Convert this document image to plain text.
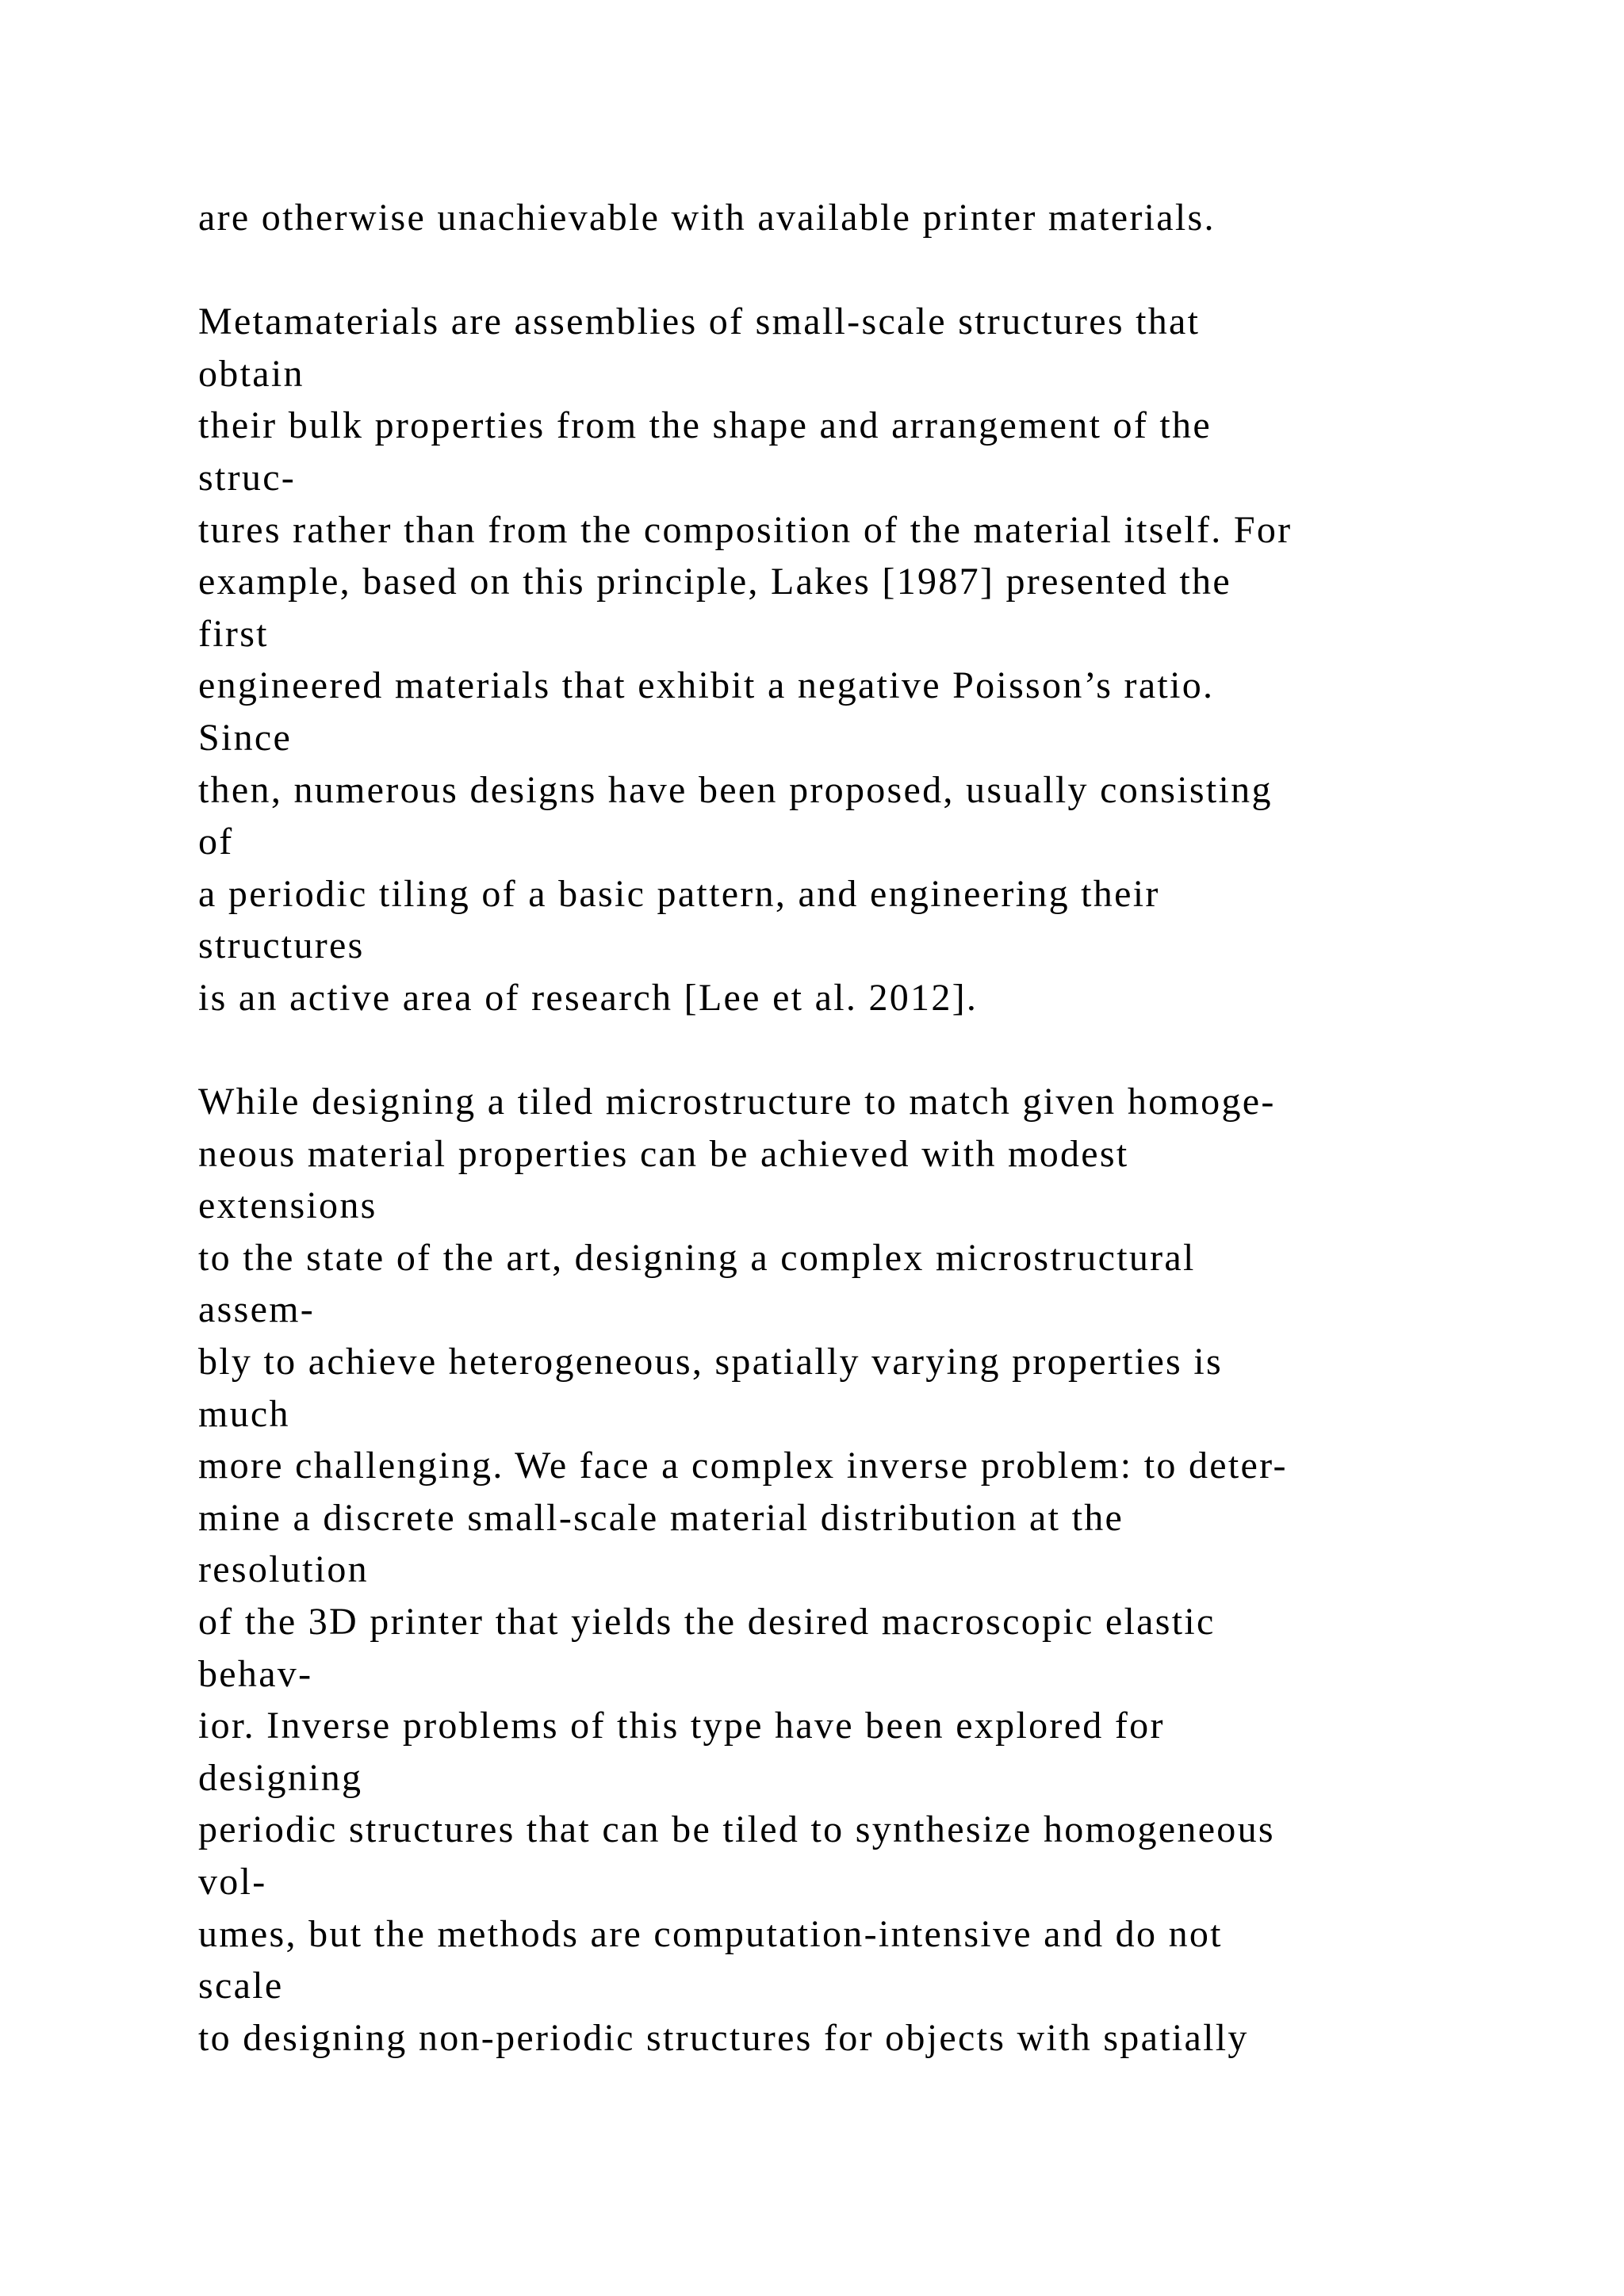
are otherwise unachievable with available printer materials.
Metamaterials are assemblies of small-scale structures that
obtain
their bulk properties from the shape and arrangement of the
struc-
tures rather than from the composition of the material itself. For
example, based on this principle, Lakes [1987] presented the
first
engineered materials that exhibit a negative Poisson’s ratio.
Since
then, numerous designs have been proposed, usually consisting
of
a periodic tiling of a basic pattern, and engineering their
structures
is an active area of research [Lee et al. 2012].
While designing a tiled microstructure to match given homoge-
neous material properties can be achieved with modest
extensions
to the state of the art, designing a complex microstructural
assem-
bly to achieve heterogeneous, spatially varying properties is
much
more challenging. We face a complex inverse problem: to deter-
mine a discrete small-scale material distribution at the
resolution
of the 3D printer that yields the desired macroscopic elastic
behav-
ior. Inverse problems of this type have been explored for
designing
periodic structures that can be tiled to synthesize homogeneous
vol-
umes, but the methods are computation-intensive and do not
scale
to designing non-periodic structures for objects with spatially
